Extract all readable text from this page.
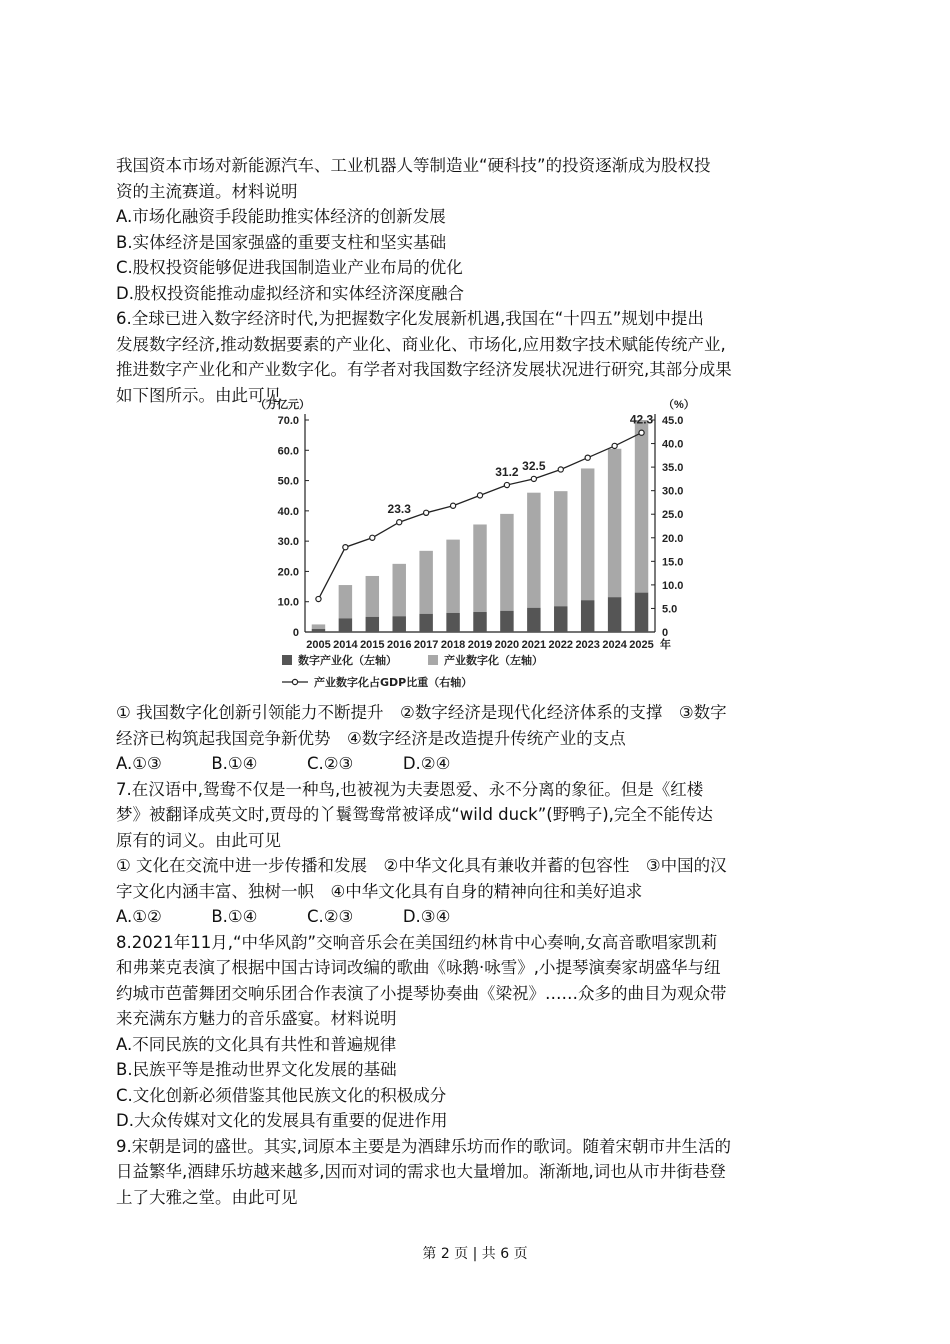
我国资本市场对新能源汽车、工业机器人等制造业“硬科技”的投资逐渐成为股权投

资的主流赛道。材料说明

A.市场化融资手段能助推实体经济的创新发展

B.实体经济是国家强盛的重要支柱和坚实基础

C.股权投资能够促进我国制造业产业布局的优化

D.股权投资能推动虚拟经济和实体经济深度融合

6.全球已进入数字经济时代,为把握数字化发展新机遇,我国在“十四五”规划中提出

发展数字经济,推动数据要素的产业化、商业化、市场化,应用数字技术赋能传统产业,

推进数字产业化和产业数字化。有学者对我国数字经济发展状况进行研究,其部分成果

如下图所示。由此可见

（万亿元）	（%）
0
10.0
20.0
30.0
40.0
50.0
60.0
70.0
0
5.0
10.0
15.0
20.0
25.0
30.0
35.0
40.0
45.0
2005 2014 2015 2016 2017 2018 2019 2020 2021 2022 2023 2024 2025 年
23.3
31.2 32.5
42.3
数字产业化（左轴）	产业数字化（左轴）
产业数字化占GDP比重（右轴）

① 我国数字化创新引领能力不断提升　②数字经济是现代化经济体系的支撑　③数字

经济已构筑起我国竞争新优势　④数字经济是改造提升传统产业的支点

A.①③　　　B.①④　　　C.②③　　　D.②④

7.在汉语中,鸳鸯不仅是一种鸟,也被视为夫妻恩爱、永不分离的象征。但是《红楼

梦》被翻译成英文时,贾母的丫鬟鸳鸯常被译成“wild duck”(野鸭子),完全不能传达

原有的词义。由此可见

① 文化在交流中进一步传播和发展　②中华文化具有兼收并蓄的包容性　③中国的汉

字文化内涵丰富、独树一帜　④中华文化具有自身的精神向往和美好追求

A.①②　　　B.①④　　　C.②③　　　D.③④

8.2021年11月,“中华风韵”交响音乐会在美国纽约林肯中心奏响,女高音歌唱家凯莉

和弗莱克表演了根据中国古诗词改编的歌曲《咏鹅·咏雪》,小提琴演奏家胡盛华与纽

约城市芭蕾舞团交响乐团合作表演了小提琴协奏曲《梁祝》……众多的曲目为观众带

来充满东方魅力的音乐盛宴。材料说明

A.不同民族的文化具有共性和普遍规律

B.民族平等是推动世界文化发展的基础

C.文化创新必须借鉴其他民族文化的积极成分

D.大众传媒对文化的发展具有重要的促进作用

9.宋朝是词的盛世。其实,词原本主要是为酒肆乐坊而作的歌词。随着宋朝市井生活的

日益繁华,酒肆乐坊越来越多,因而对词的需求也大量增加。渐渐地,词也从市井街巷登

上了大雅之堂。由此可见

第 2 页 | 共 6 页
